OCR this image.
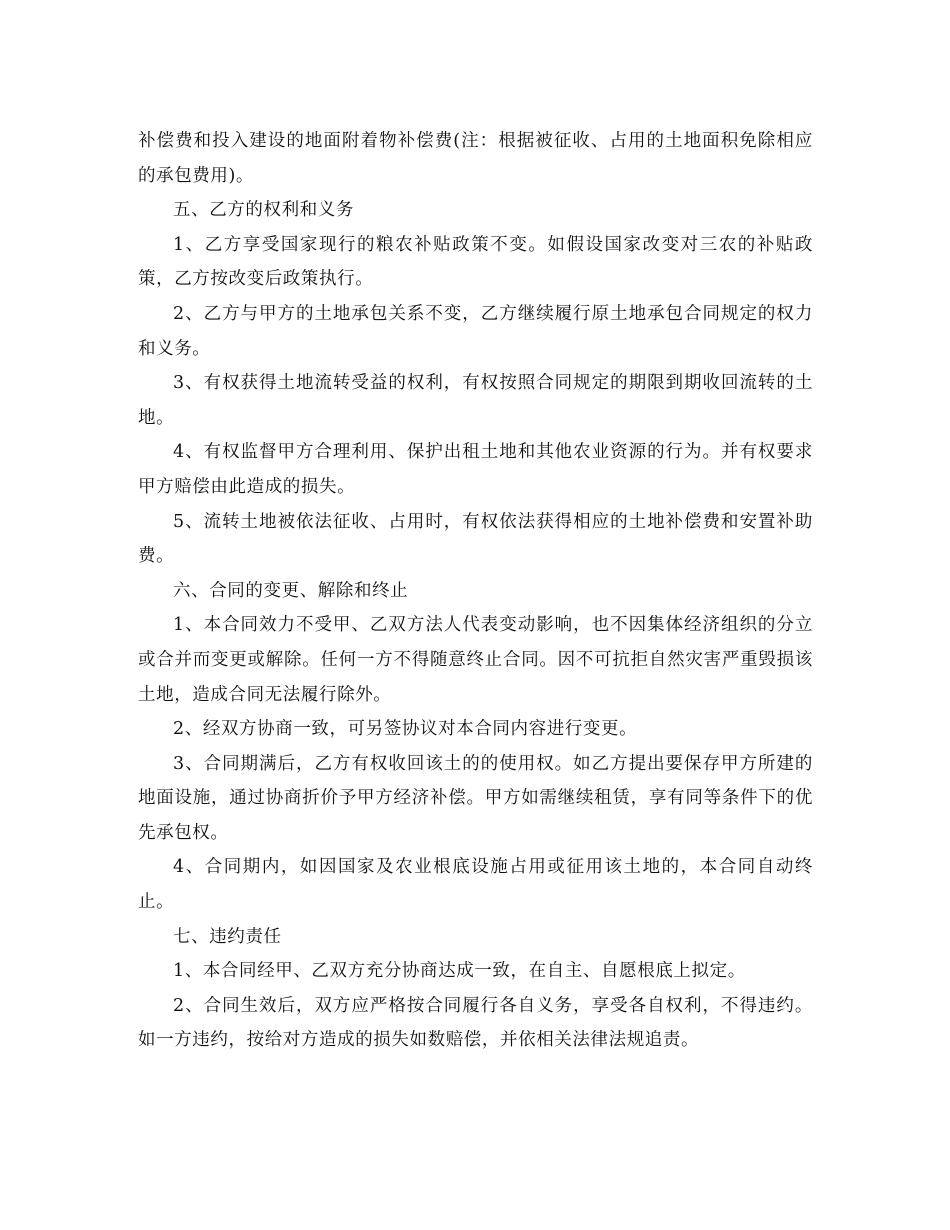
补偿费和投入建设的地面附着物补偿费(注：根据被征收、占用的土地面积免除相应的承包费用)。

五、乙方的权利和义务

1、乙方享受国家现行的粮农补贴政策不变。如假设国家改变对三农的补贴政策，乙方按改变后政策执行。

2、乙方与甲方的土地承包关系不变，乙方继续履行原土地承包合同规定的权力和义务。

3、有权获得土地流转受益的权利，有权按照合同规定的期限到期收回流转的土地。

4、有权监督甲方合理利用、保护出租土地和其他农业资源的行为。并有权要求甲方赔偿由此造成的损失。

5、流转土地被依法征收、占用时，有权依法获得相应的土地补偿费和安置补助费。

六、合同的变更、解除和终止

1、本合同效力不受甲、乙双方法人代表变动影响，也不因集体经济组织的分立或合并而变更或解除。任何一方不得随意终止合同。因不可抗拒自然灾害严重毁损该土地，造成合同无法履行除外。

2、经双方协商一致，可另签协议对本合同内容进行变更。

3、合同期满后，乙方有权收回该土的的使用权。如乙方提出要保存甲方所建的地面设施，通过协商折价予甲方经济补偿。甲方如需继续租赁，享有同等条件下的优先承包权。

4、合同期内，如因国家及农业根底设施占用或征用该土地的，本合同自动终止。

七、违约责任

1、本合同经甲、乙双方充分协商达成一致，在自主、自愿根底上拟定。

2、合同生效后，双方应严格按合同履行各自义务，享受各自权利，不得违约。如一方违约，按给对方造成的损失如数赔偿，并依相关法律法规追责。
